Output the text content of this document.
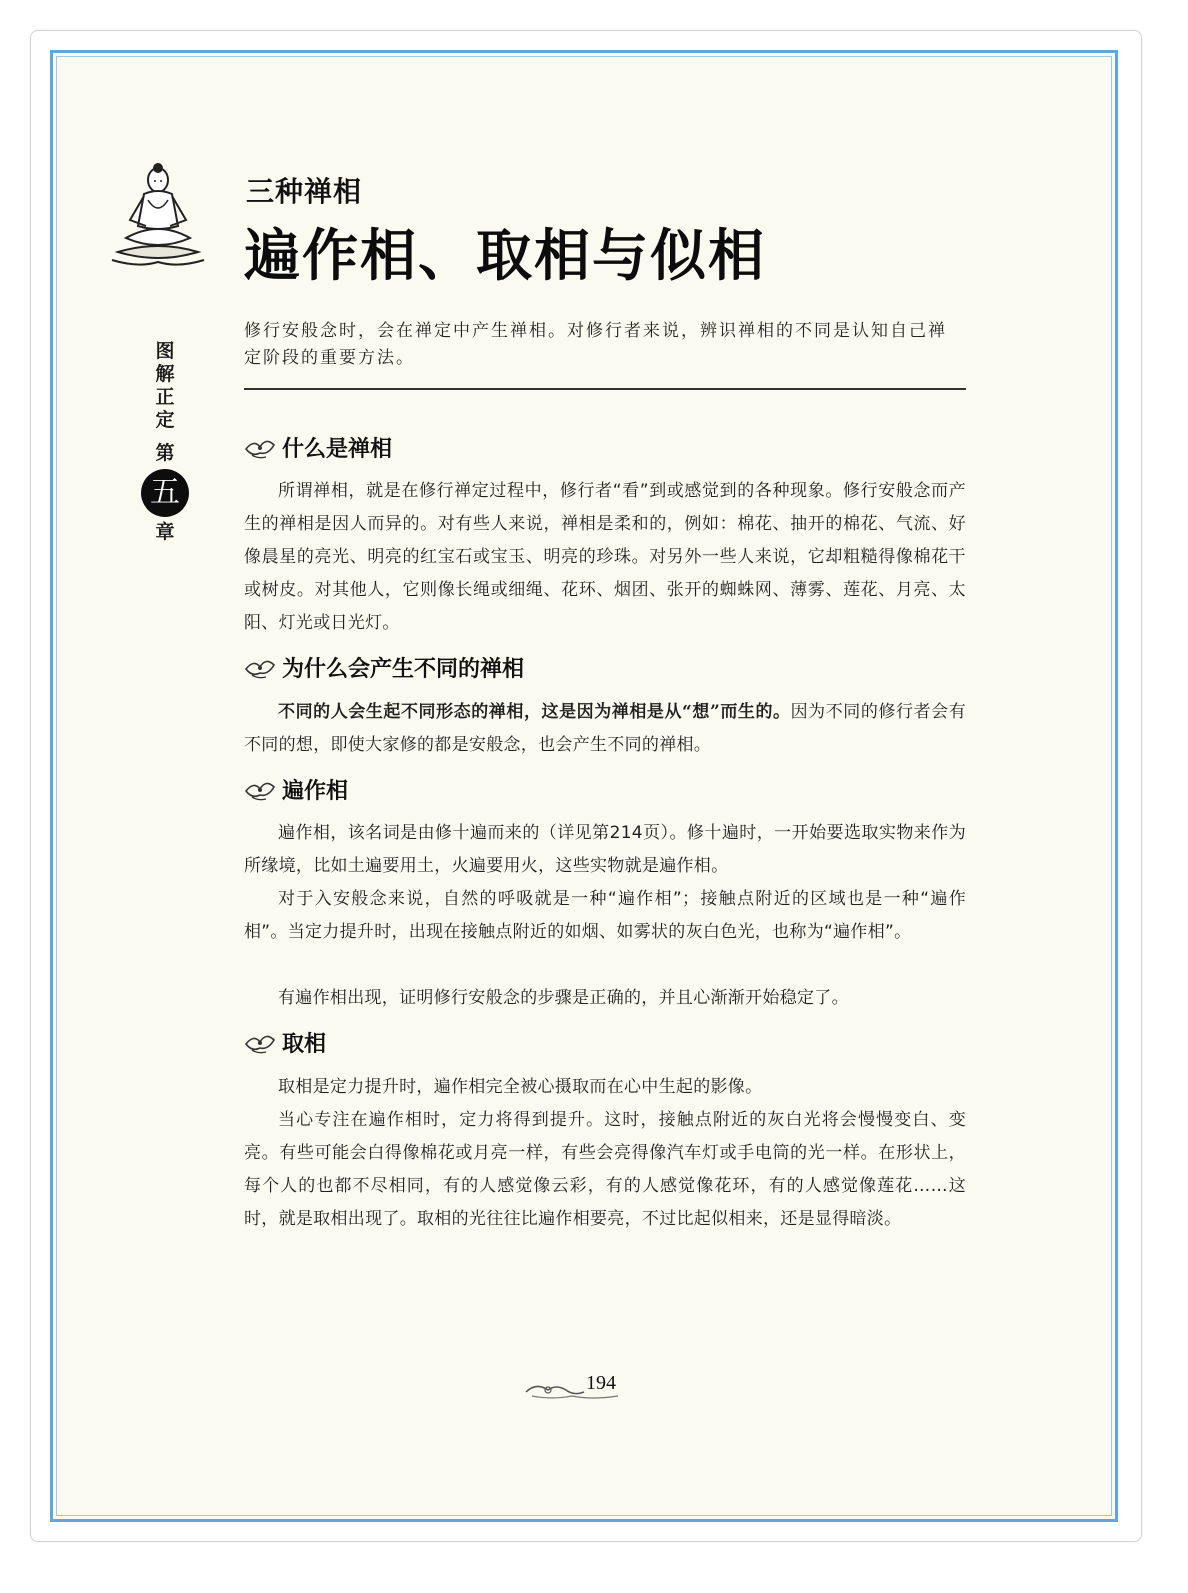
图
解
正
定
第
五
章
三种禅相
遍作相、取相与似相
修行安般念时，会在禅定中产生禅相。对修行者来说，辨识禅相的不同是认知自己禅定阶段的重要方法。
什么是禅相

所谓禅相，就是在修行禅定过程中，修行者“看”到或感觉到的各种现象。修行安般念而产生的禅相是因人而异的。对有些人来说，禅相是柔和的，例如：棉花、抽开的棉花、气流、好像晨星的亮光、明亮的红宝石或宝玉、明亮的珍珠。对另外一些人来说，它却粗糙得像棉花干或树皮。对其他人，它则像长绳或细绳、花环、烟团、张开的蜘蛛网、薄雾、莲花、月亮、太阳、灯光或日光灯。

为什么会产生不同的禅相

不同的人会生起不同形态的禅相，这是因为禅相是从“想”而生的。因为不同的修行者会有不同的想，即使大家修的都是安般念，也会产生不同的禅相。

遍作相

遍作相，该名词是由修十遍而来的（详见第214页）。修十遍时，一开始要选取实物来作为所缘境，比如土遍要用土，火遍要用火，这些实物就是遍作相。

对于入安般念来说，自然的呼吸就是一种“遍作相”；接触点附近的区域也是一种“遍作相”。当定力提升时，出现在接触点附近的如烟、如雾状的灰白色光，也称为“遍作相”。

有遍作相出现，证明修行安般念的步骤是正确的，并且心渐渐开始稳定了。

取相

取相是定力提升时，遍作相完全被心摄取而在心中生起的影像。

当心专注在遍作相时，定力将得到提升。这时，接触点附近的灰白光将会慢慢变白、变亮。有些可能会白得像棉花或月亮一样，有些会亮得像汽车灯或手电筒的光一样。在形状上，每个人的也都不尽相同，有的人感觉像云彩，有的人感觉像花环，有的人感觉像莲花……这时，就是取相出现了。取相的光往往比遍作相要亮，不过比起似相来，还是显得暗淡。

194
